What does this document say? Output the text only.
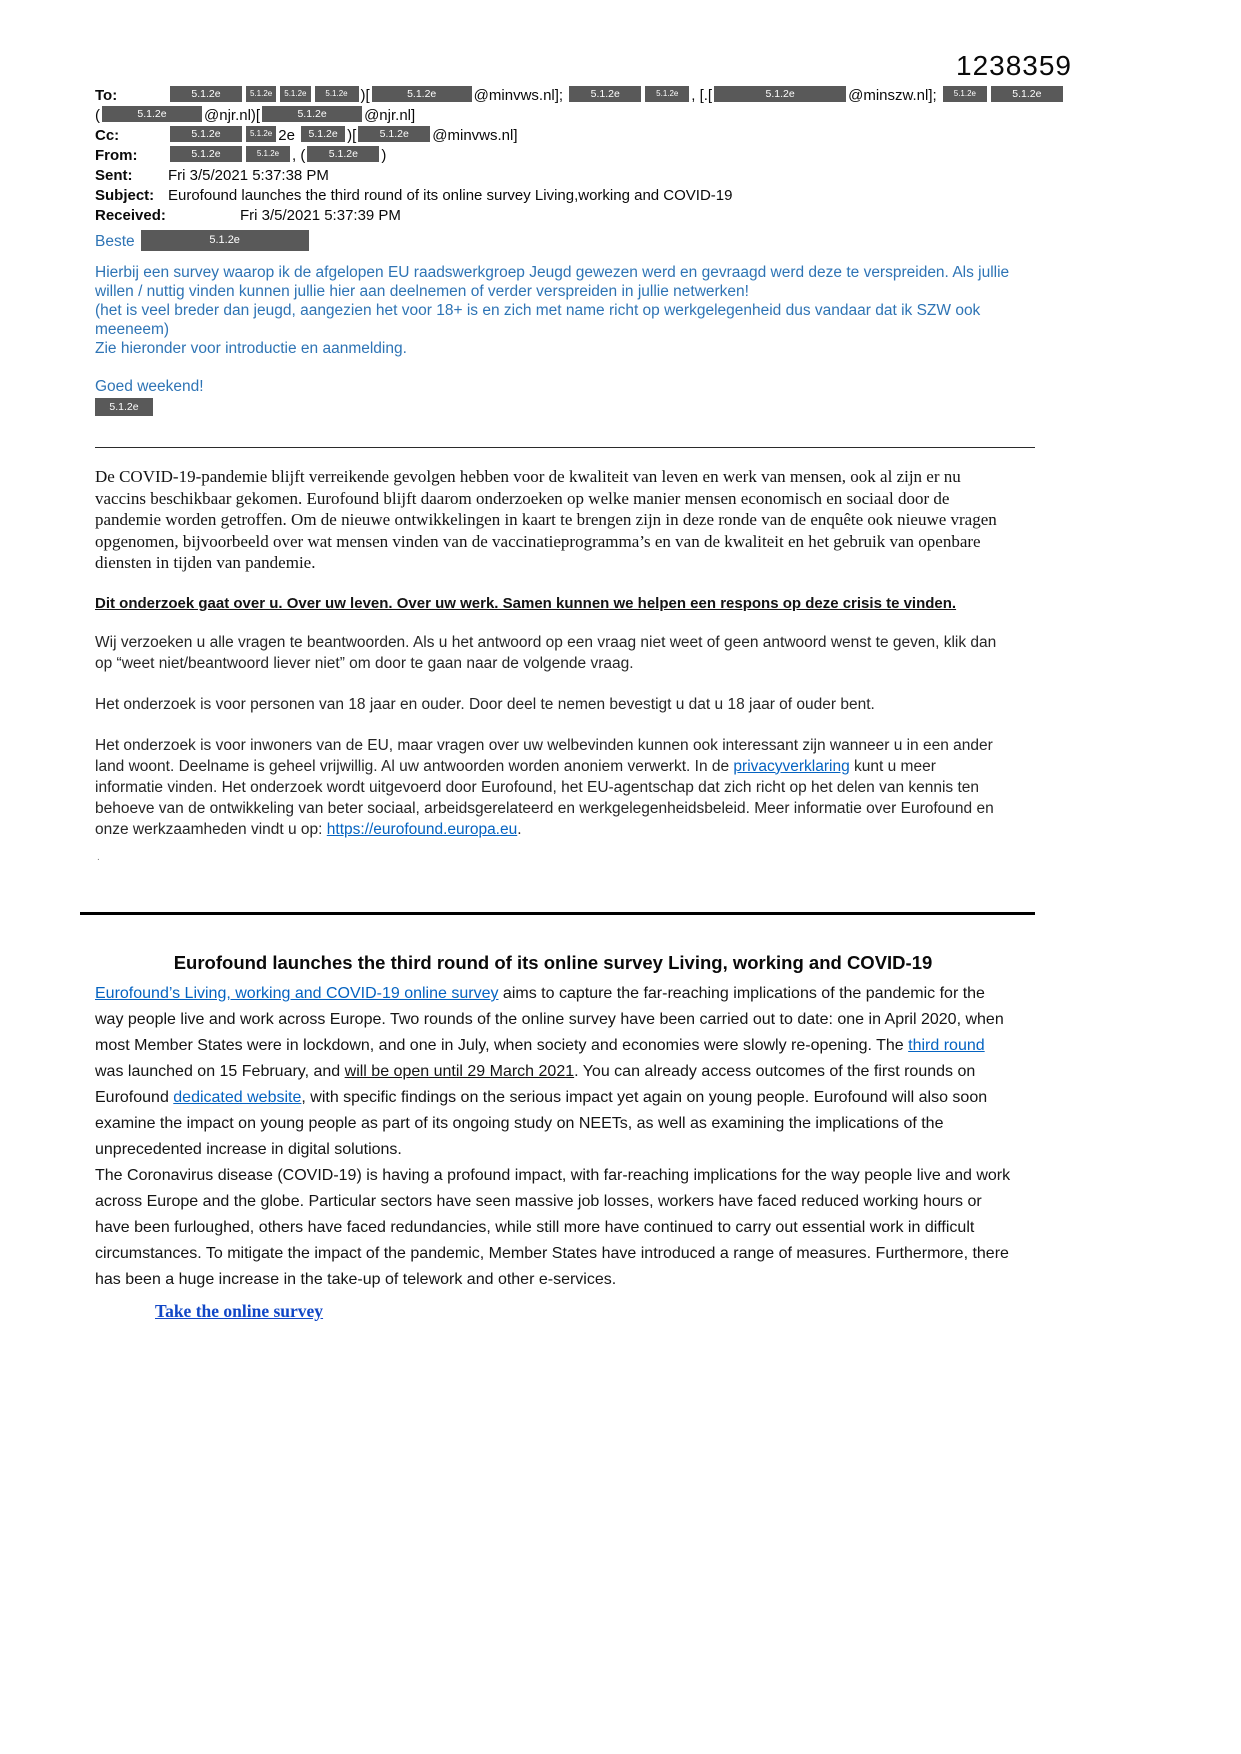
1238359
To:	5.1.2e	5.1.2e 5.1.2e 5.1.2e )[	5.1.2e @minvws.nl];	5.1.2e	5.1.2e , [.[	5.1.2e	@minszw.nl]; 5.1.2e	5.1.2e
(	5.1.2e @njr.nl)[	5.1.2e @njr.nl]
Cc:	5.1.2e	5.1.2e 2e 5.1.2e )[ 5.1.2e @minvws.nl]
From:	5.1.2e	5.1.2e , ( 5.1.2e )
Sent: Fri 3/5/2021 5:37:38 PM
Subject: Eurofound launches the third round of its online survey Living,working and COVID-19
Received:	Fri 3/5/2021 5:37:39 PM
Beste	5.1.2e

Hierbij een survey waarop ik de afgelopen EU raadswerkgroep Jeugd gewezen werd en gevraagd werd deze te verspreiden. Als jullie willen / nuttig vinden kunnen jullie hier aan deelnemen of verder verspreiden in jullie netwerken!

(het is veel breder dan jeugd, aangezien het voor 18+ is en zich met name richt op werkgelegenheid dus vandaar dat ik SZW ook meeneem)

Zie hieronder voor introductie en aanmelding.

Goed weekend!

5.1.2e

De COVID-19-pandemie blijft verreikende gevolgen hebben voor de kwaliteit van leven en werk van mensen, ook al zijn er nu vaccins beschikbaar gekomen. Eurofound blijft daarom onderzoeken op welke manier mensen economisch en sociaal door de pandemie worden getroffen. Om de nieuwe ontwikkelingen in kaart te brengen zijn in deze ronde van de enquête ook nieuwe vragen opgenomen, bijvoorbeeld over wat mensen vinden van de vaccinatieprogramma’s en van de kwaliteit en het gebruik van openbare diensten in tijden van pandemie.

Dit onderzoek gaat over u. Over uw leven. Over uw werk. Samen kunnen we helpen een respons op deze crisis te vinden.

Wij verzoeken u alle vragen te beantwoorden. Als u het antwoord op een vraag niet weet of geen antwoord wenst te geven, klik dan op “weet niet/beantwoord liever niet” om door te gaan naar de volgende vraag.

Het onderzoek is voor personen van 18 jaar en ouder. Door deel te nemen bevestigt u dat u 18 jaar of ouder bent.

Het onderzoek is voor inwoners van de EU, maar vragen over uw welbevinden kunnen ook interessant zijn wanneer u in een ander land woont. Deelname is geheel vrijwillig. Al uw antwoorden worden anoniem verwerkt. In de privacyverklaring kunt u meer informatie vinden. Het onderzoek wordt uitgevoerd door Eurofound, het EU-agentschap dat zich richt op het delen van kennis ten behoeve van de ontwikkeling van beter sociaal, arbeidsgerelateerd en werkgelegenheidsbeleid. Meer informatie over Eurofound en onze werkzaamheden vindt u op: https://eurofound.europa.eu.

.
Eurofound launches the third round of its online survey Living, working and COVID-19

Eurofound’s Living, working and COVID-19 online survey aims to capture the far-reaching implications of the pandemic for the way people live and work across Europe. Two rounds of the online survey have been carried out to date: one in April 2020, when most Member States were in lockdown, and one in July, when society and economies were slowly re-opening. The third round was launched on 15 February, and will be open until 29 March 2021. You can already access outcomes of the first rounds on Eurofound dedicated website, with specific findings on the serious impact yet again on young people. Eurofound will also soon examine the impact on young people as part of its ongoing study on NEETs, as well as examining the implications of the unprecedented increase in digital solutions.

The Coronavirus disease (COVID-19) is having a profound impact, with far-reaching implications for the way people live and work across Europe and the globe. Particular sectors have seen massive job losses, workers have faced reduced working hours or have been furloughed, others have faced redundancies, while still more have continued to carry out essential work in difficult circumstances. To mitigate the impact of the pandemic, Member States have introduced a range of measures. Furthermore, there has been a huge increase in the take-up of telework and other e-services.

Take the online survey
